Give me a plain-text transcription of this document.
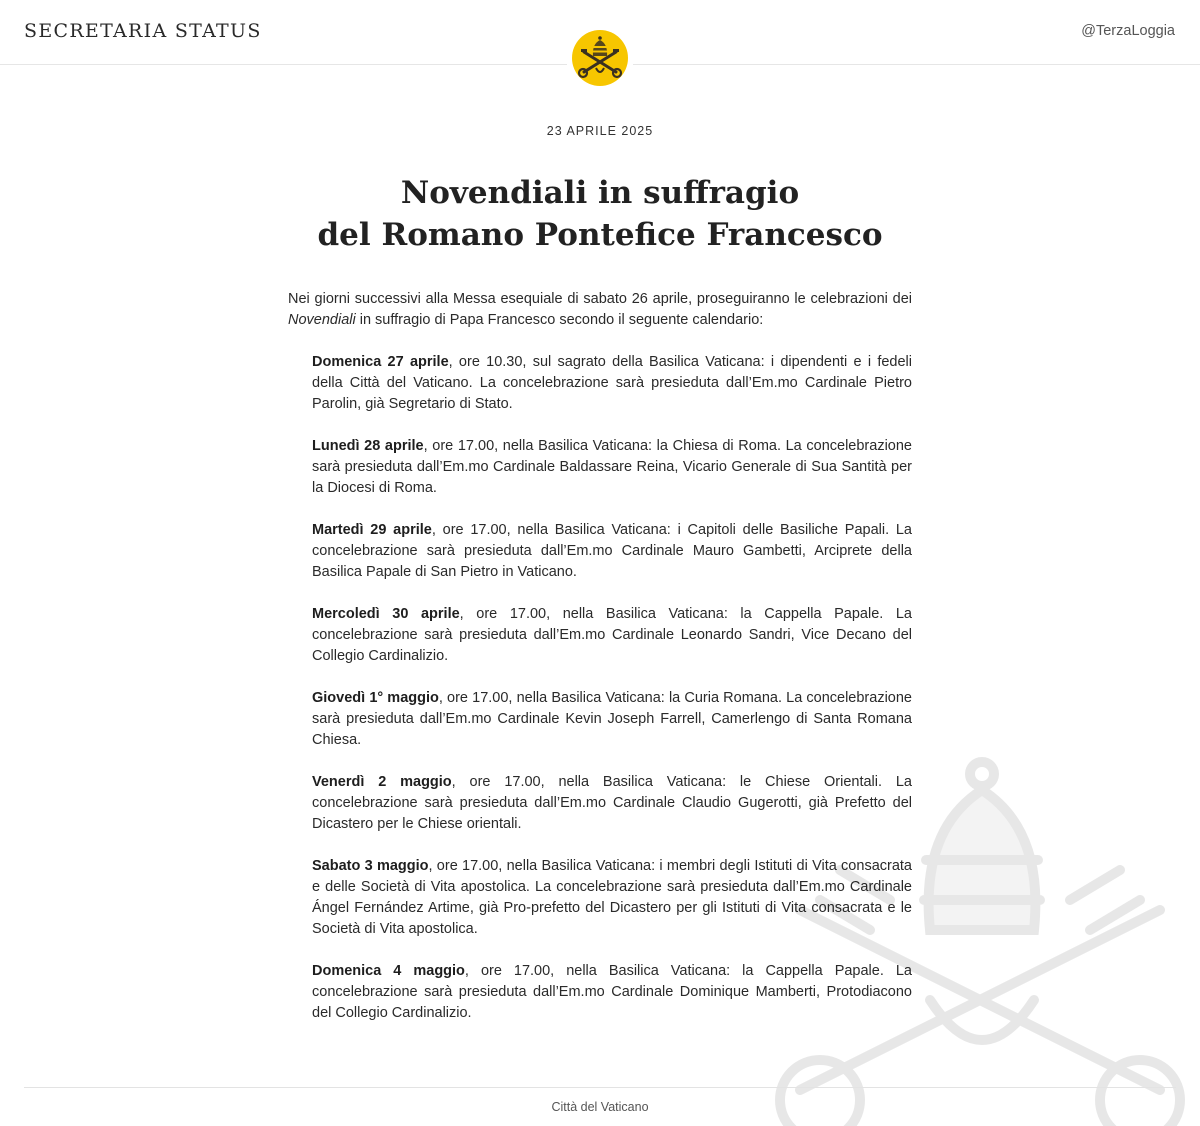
SECRETARIA STATUS	@TerzaLoggia
23 APRILE 2025
Novendiali in suffragio
del Romano Pontefice Francesco

Nei giorni successivi alla Messa esequiale di sabato 26 aprile, proseguiranno le celebrazioni dei Novendiali in suffragio di Papa Francesco secondo il seguente calendario:

Domenica 27 aprile, ore 10.30, sul sagrato della Basilica Vaticana: i dipendenti e i fedeli della Città del Vaticano. La concelebrazione sarà presieduta dall’Em.mo Cardinale Pietro Parolin, già Segretario di Stato.

Lunedì 28 aprile, ore 17.00, nella Basilica Vaticana: la Chiesa di Roma. La concelebrazione sarà presieduta dall’Em.mo Cardinale Baldassare Reina, Vicario Generale di Sua Santità per la Diocesi di Roma.

Martedì 29 aprile, ore 17.00, nella Basilica Vaticana: i Capitoli delle Basiliche Papali. La concelebrazione sarà presieduta dall’Em.mo Cardinale Mauro Gambetti, Arciprete della Basilica Papale di San Pietro in Vaticano.

Mercoledì 30 aprile, ore 17.00, nella Basilica Vaticana: la Cappella Papale. La concelebrazione sarà presieduta dall’Em.mo Cardinale Leonardo Sandri, Vice Decano del Collegio Cardinalizio.

Giovedì 1° maggio, ore 17.00, nella Basilica Vaticana: la Curia Romana. La concelebrazione sarà presieduta dall’Em.mo Cardinale Kevin Joseph Farrell, Camerlengo di Santa Romana Chiesa.

Venerdì 2 maggio, ore 17.00, nella Basilica Vaticana: le Chiese Orientali. La concelebrazione sarà presieduta dall’Em.mo Cardinale Claudio Gugerotti, già Prefetto del Dicastero per le Chiese orientali.

Sabato 3 maggio, ore 17.00, nella Basilica Vaticana: i membri degli Istituti di Vita consacrata e delle Società di Vita apostolica. La concelebrazione sarà presieduta dall’Em.mo Cardinale Ángel Fernández Artime, già Pro-prefetto del Dicastero per gli Istituti di Vita consacrata e le Società di Vita apostolica.

Domenica 4 maggio, ore 17.00, nella Basilica Vaticana: la Cappella Papale. La concelebrazione sarà presieduta dall’Em.mo Cardinale Dominique Mamberti, Protodiacono del Collegio Cardinalizio.

Città del Vaticano
